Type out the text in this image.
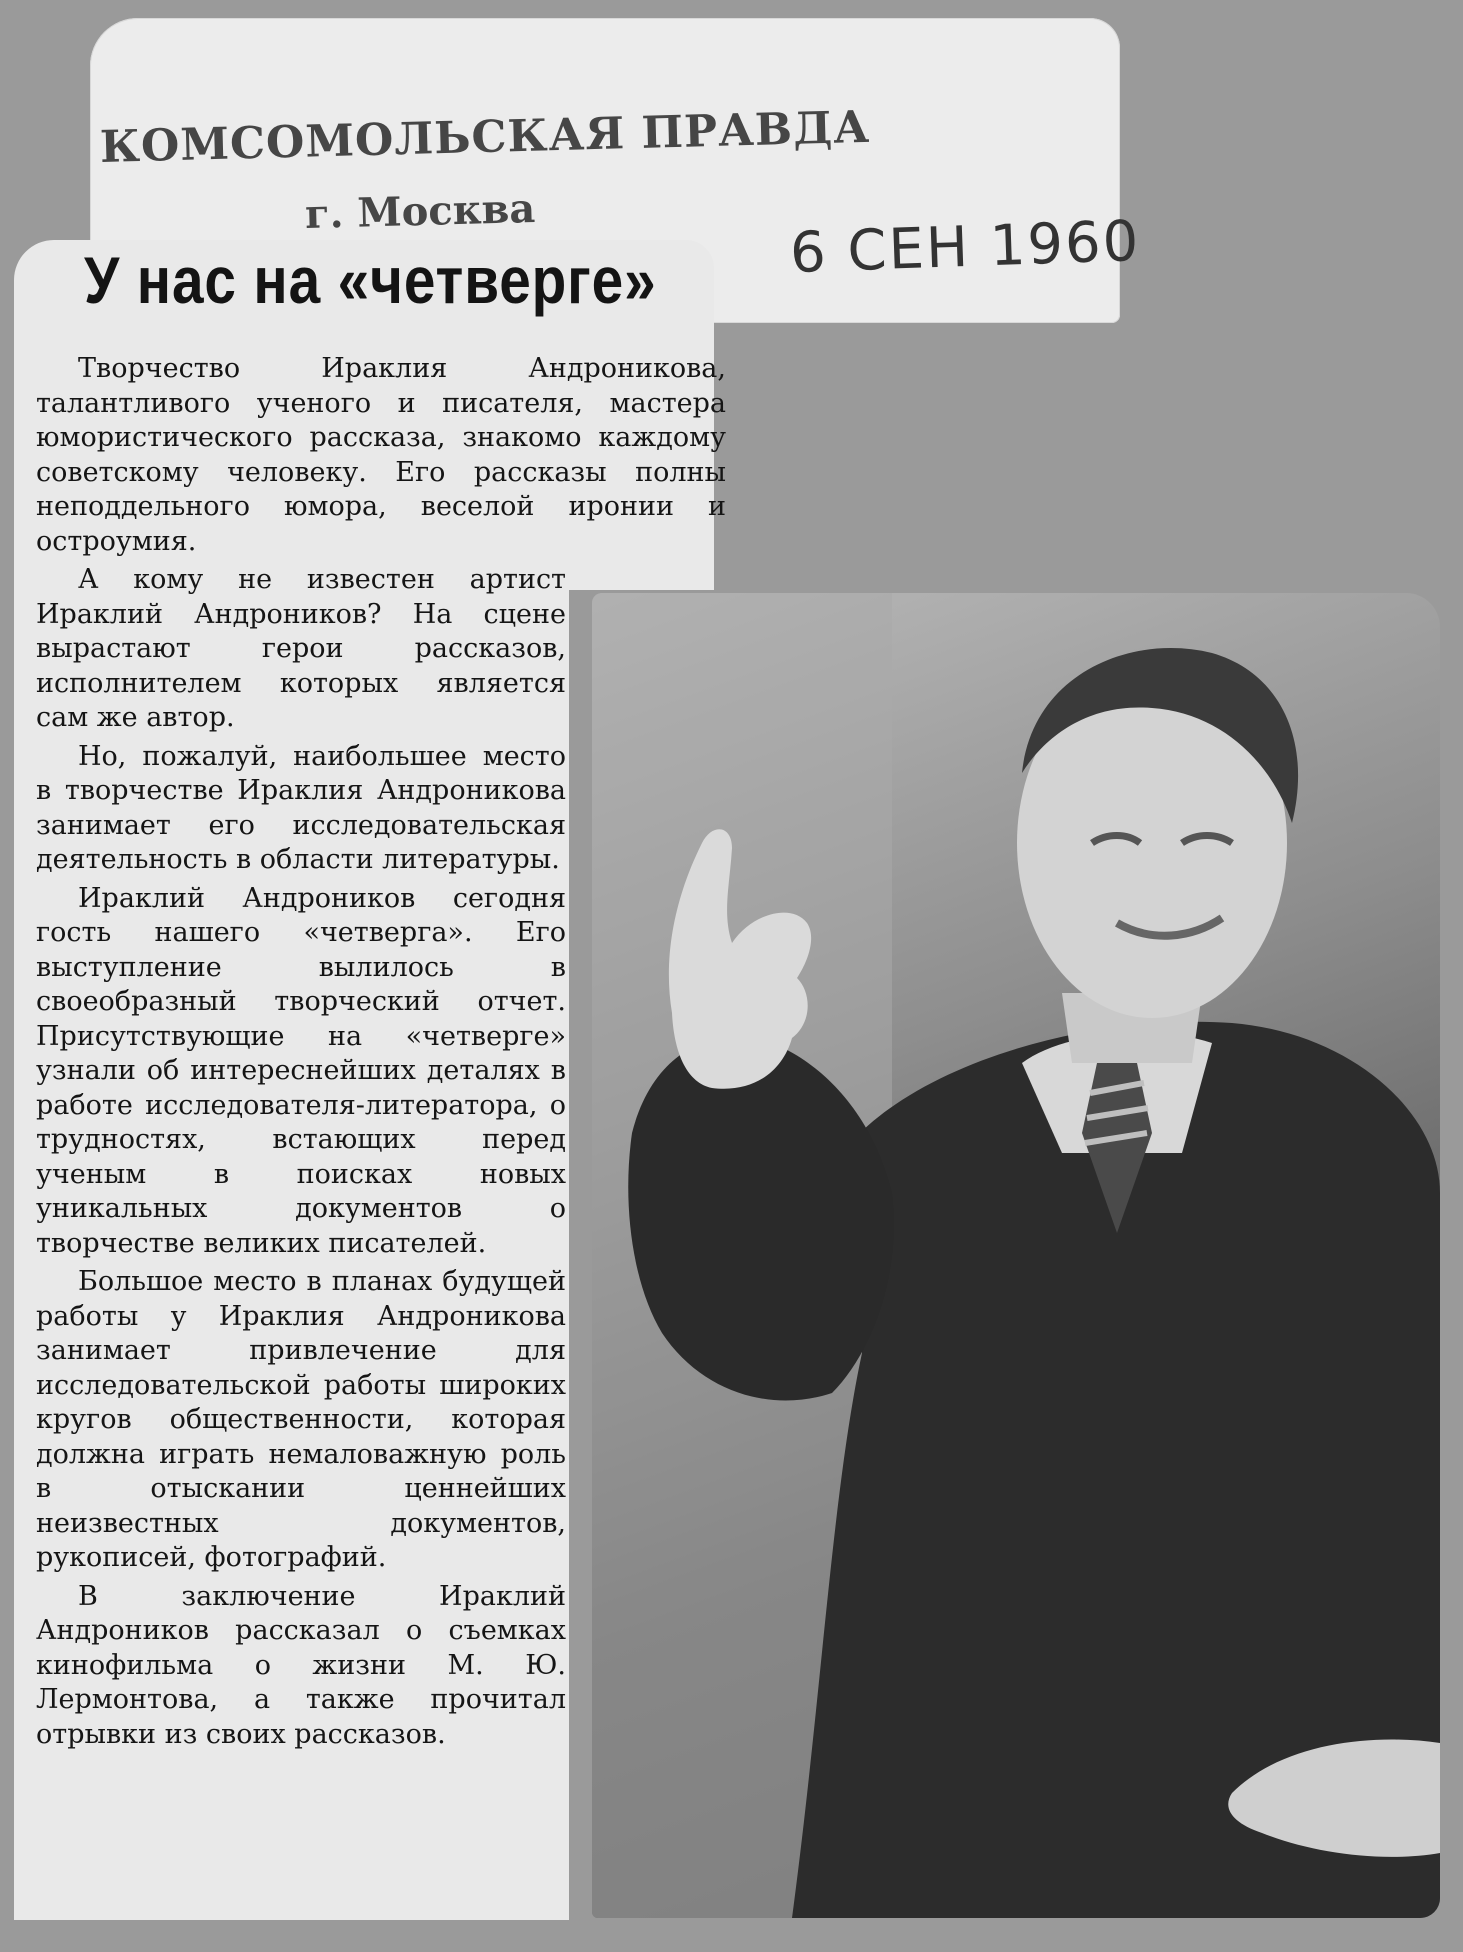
КОМСОМОЛЬСКАЯ ПРАВДА
г. Москва	6 СЕН 1960
У нас на «четверге»

Творчество Ираклия Андроникова, талантливого ученого и писателя, мастера юмористического рассказа, знакомо каждому советскому человеку. Его рассказы полны неподдельного юмора, веселой иронии и остроумия.

А кому не известен артист Ираклий Андроников? На сцене вырастают герои рассказов, исполнителем которых является сам же автор.

Но, пожалуй, наибольшее место в творчестве Ираклия Андроникова занимает его исследовательская деятельность в области литературы.

Ираклий Андроников сегодня гость нашего «четверга». Его выступление вылилось в своеобразный творческий отчет. Присутствующие на «четверге» узнали об интереснейших деталях в работе исследователя-литератора, о трудностях, встающих перед ученым в поисках новых уникальных документов о творчестве великих писателей.

Большое место в планах будущей работы у Ираклия Андроникова занимает привлечение для исследовательской работы широких кругов общественности, которая должна играть немаловажную роль в отыскании ценнейших неизвестных документов, рукописей, фотографий.

В заключение Ираклий Андроников рассказал о съемках кинофильма о жизни М. Ю. Лермонтова, а также прочитал отрывки из своих рассказов.
